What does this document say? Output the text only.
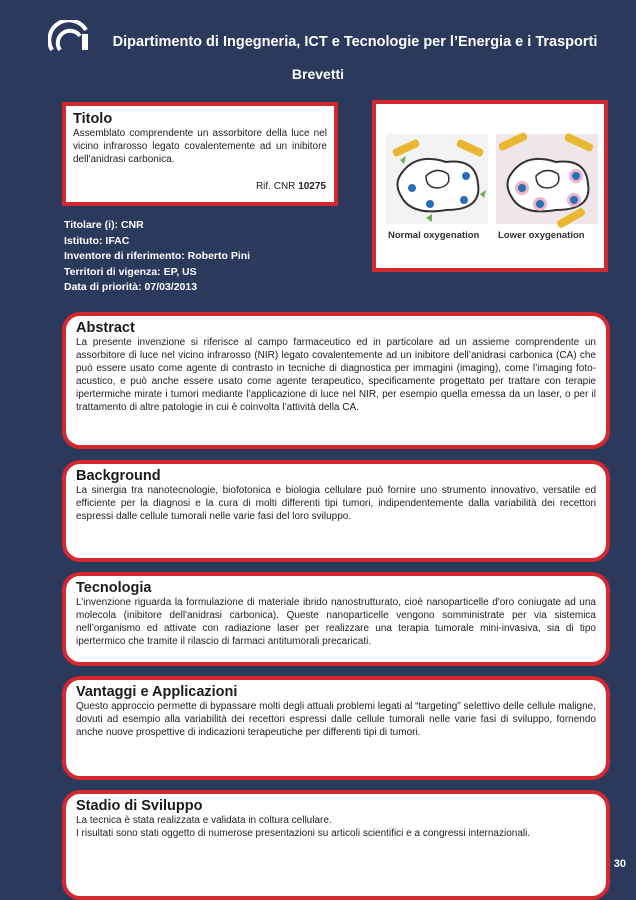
Dipartimento di Ingegneria, ICT e Tecnologie per l’Energia e i Trasporti
Brevetti
Titolo

Assemblato comprendente un assorbitore della luce nel vicino infrarosso legato covalentemente ad un inibitore dell'anidrasi carbonica.

Rif. CNR 10275
Titolare (i): CNR
Istituto: IFAC
Inventore di riferimento: Roberto Pini
Territori di vigenza: EP, US
Data di priorità: 07/03/2013
Normal oxygenation Lower oxygenation
Abstract

La presente invenzione si riferisce al campo farmaceutico ed in particolare ad un assieme comprendente un assorbitore di luce nel vicino infrarosso (NIR) legato covalentemente ad un inibitore dell’anidrasi carbonica (CA) che può essere usato come agente di contrasto in tecniche di diagnostica per immagini (imaging), come l’imaging foto-acustico, e può anche essere usato come agente terapeutico, specificamente progettato per trattare con terapie ipertermiche mirate i tumori mediante l’applicazione di luce nel NIR, per esempio quella emessa da un laser, o per il trattamento di altre patologie in cui è coinvolta l’attività della CA.

Background

La sinergia tra nanotecnologie, biofotonica e biologia cellulare può fornire uno strumento innovativo, versatile ed efficiente per la diagnosi e la cura di molti differenti tipi tumori, indipendentemente dalla variabilità dei recettori espressi dalle cellule tumorali nelle varie fasi del loro sviluppo.

Tecnologia

L’invenzione riguarda la formulazione di materiale ibrido nanostrutturato, cioè nanoparticelle d'oro coniugate ad una molecola (inibitore dell'anidrasi carbonica). Queste nanoparticelle vengono somministrate per via sistemica nell’organismo ed attivate con radiazione laser per realizzare una terapia tumorale mini-invasiva, sia di tipo ipertermico che tramite il rilascio di farmaci antitumorali precaricati.

Vantaggi e Applicazioni

Questo approccio permette di bypassare molti degli attuali problemi legati al “targeting” selettivo delle cellule maligne, dovuti ad esempio alla variabilità dei recettori espressi dalle cellule tumorali nelle varie fasi di sviluppo, fornendo anche nuove prospettive di indicazioni terapeutiche per differenti tipi di tumori.

Stadio di Sviluppo

La tecnica è stata realizzata e validata in coltura cellulare.

I risultati sono stati oggetto di numerose presentazioni su articoli scientifici e a congressi internazionali.

30
